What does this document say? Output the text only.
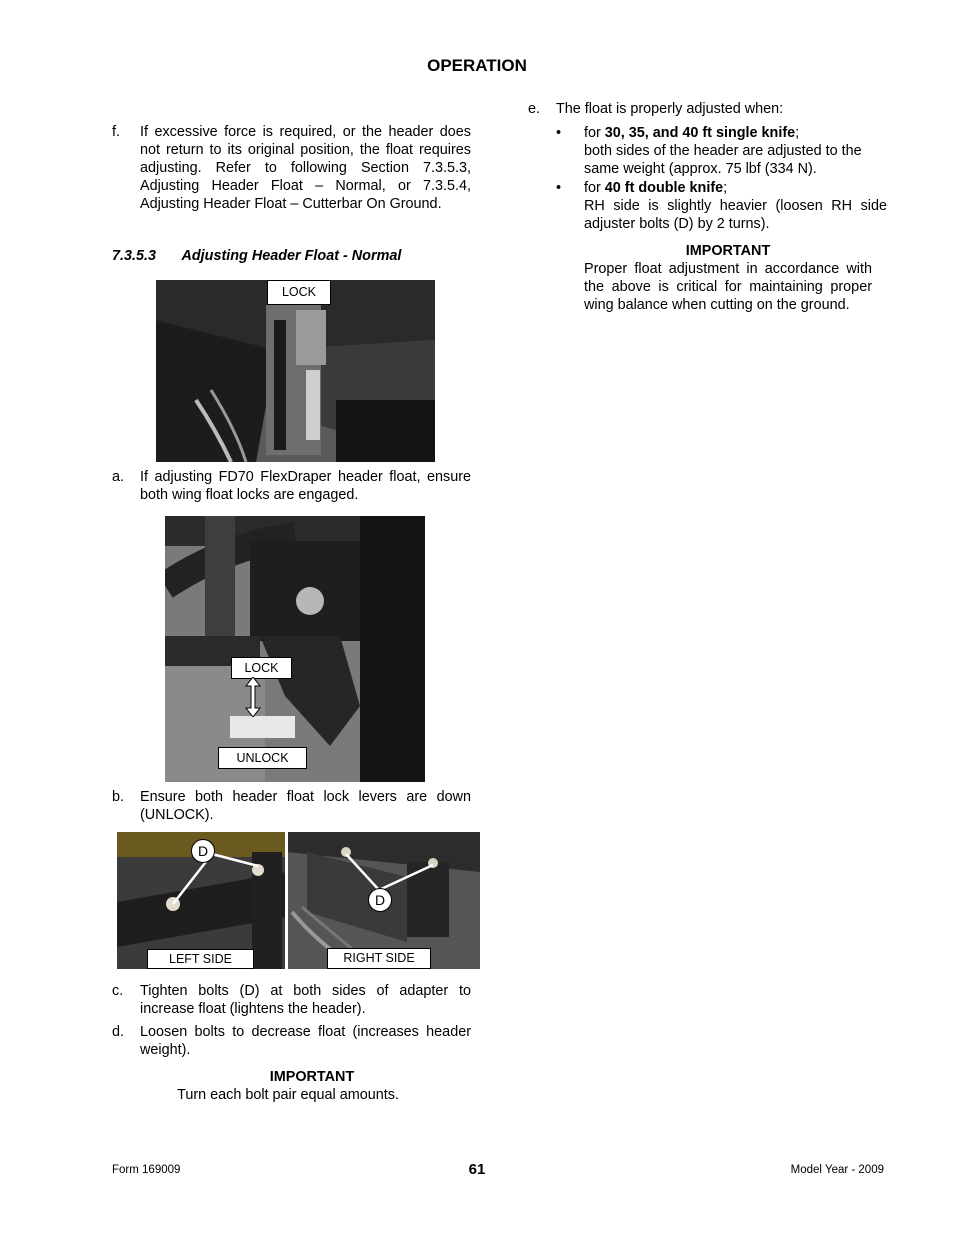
OPERATION
f.	If excessive force is required, or the header does not return to its original position, the float requires adjusting. Refer to following Section 7.3.5.3, Adjusting Header Float – Normal, or 7.3.5.4, Adjusting Header Float – Cutterbar On Ground.
7.3.5.3 Adjusting Header Float - Normal
LOCK
a.	If adjusting FD70 FlexDraper header float, ensure both wing float locks are engaged.
LOCK
UNLOCK
b.	Ensure both header float lock levers are down (UNLOCK).
D
D
LEFT SIDE	RIGHT SIDE
c.	Tighten bolts (D) at both sides of adapter to increase float (lightens the header).
d.	Loosen bolts to decrease float (increases header weight).
IMPORTANT
Turn each bolt pair equal amounts.
e.	The float is properly adjusted when:
• for 30, 35, and 40 ft single knife;
both sides of the header are adjusted to the same weight (approx. 75 lbf (334 N).
• for 40 ft double knife;
RH side is slightly heavier (loosen RH side adjuster bolts (D) by 2 turns).
IMPORTANT
Proper float adjustment in accordance with the above is critical for maintaining proper wing balance when cutting on the ground.
Form 169009	61	Model Year - 2009
